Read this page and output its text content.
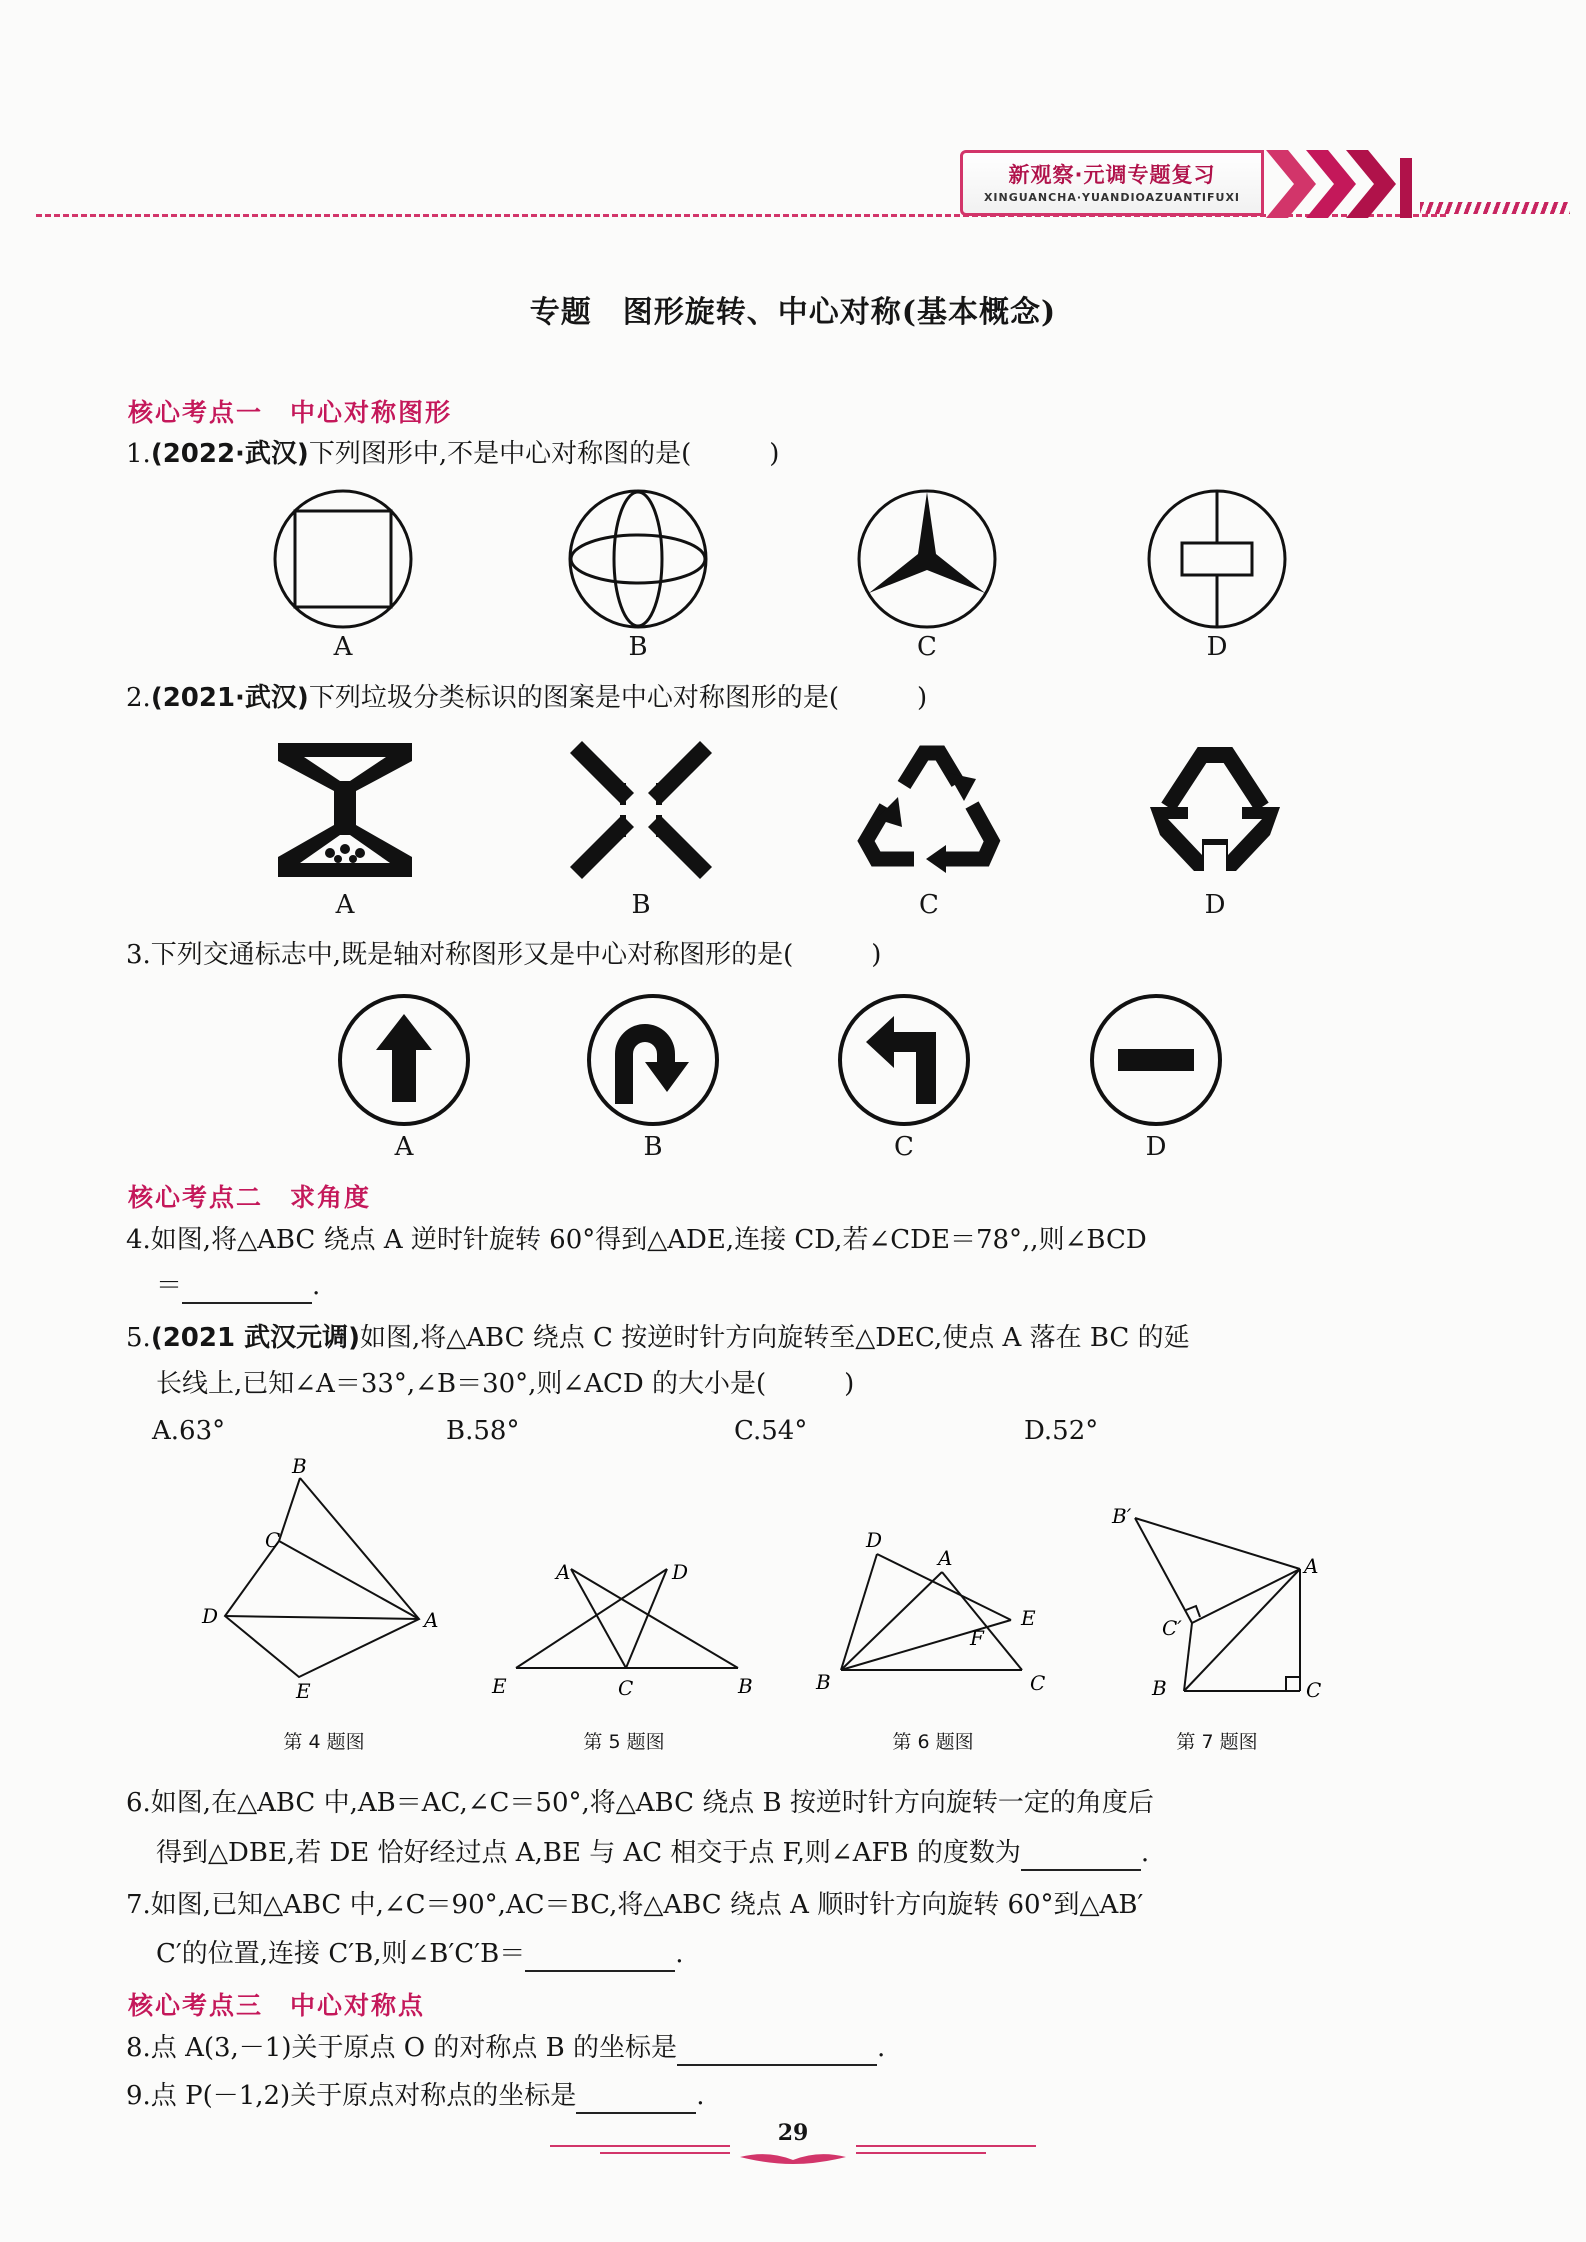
新观察·元调专题复习
XINGUANCHA·YUANDIOAZUANTIFUXI
专题　图形旋转、中心对称(基本概念)
核心考点一　中心对称图形
1.(2022·武汉)下列图形中,不是中心对称图的是(　　　)
A	B	C	D
2.(2021·武汉)下列垃圾分类标识的图案是中心对称图形的是(　　　)
A	B	C	D
3.下列交通标志中,既是轴对称图形又是中心对称图形的是(　　　)
A	B	C	D
核心考点二　求角度
4.如图,将△ABC 绕点 A 逆时针旋转 60°得到△ADE,连接 CD,若∠CDE＝78°,,则∠BCD
＝	.
5.(2021 武汉元调)如图,将△ABC 绕点 C 按逆时针方向旋转至△DEC,使点 A 落在 BC 的延
长线上,已知∠A＝33°,∠B＝30°,则∠ACD 的大小是(　　　)
A.63°	B.58°	C.54°	D.52°
B
C
D	A
E
A	D
E	C	B
D
A
E
F
B	C
B′
A
C′
B	C
第 4 题图	第 5 题图	第 6 题图	第 7 题图
6.如图,在△ABC 中,AB＝AC,∠C＝50°,将△ABC 绕点 B 按逆时针方向旋转一定的角度后
得到△DBE,若 DE 恰好经过点 A,BE 与 AC 相交于点 F,则∠AFB 的度数为	.
7.如图,已知△ABC 中,∠C＝90°,AC＝BC,将△ABC 绕点 A 顺时针方向旋转 60°到△AB′
C′的位置,连接 C′B,则∠B′C′B＝	.
核心考点三　中心对称点
8.点 A(3,－1)关于原点 O 的对称点 B 的坐标是	.
9.点 P(－1,2)关于原点对称点的坐标是	.
29
